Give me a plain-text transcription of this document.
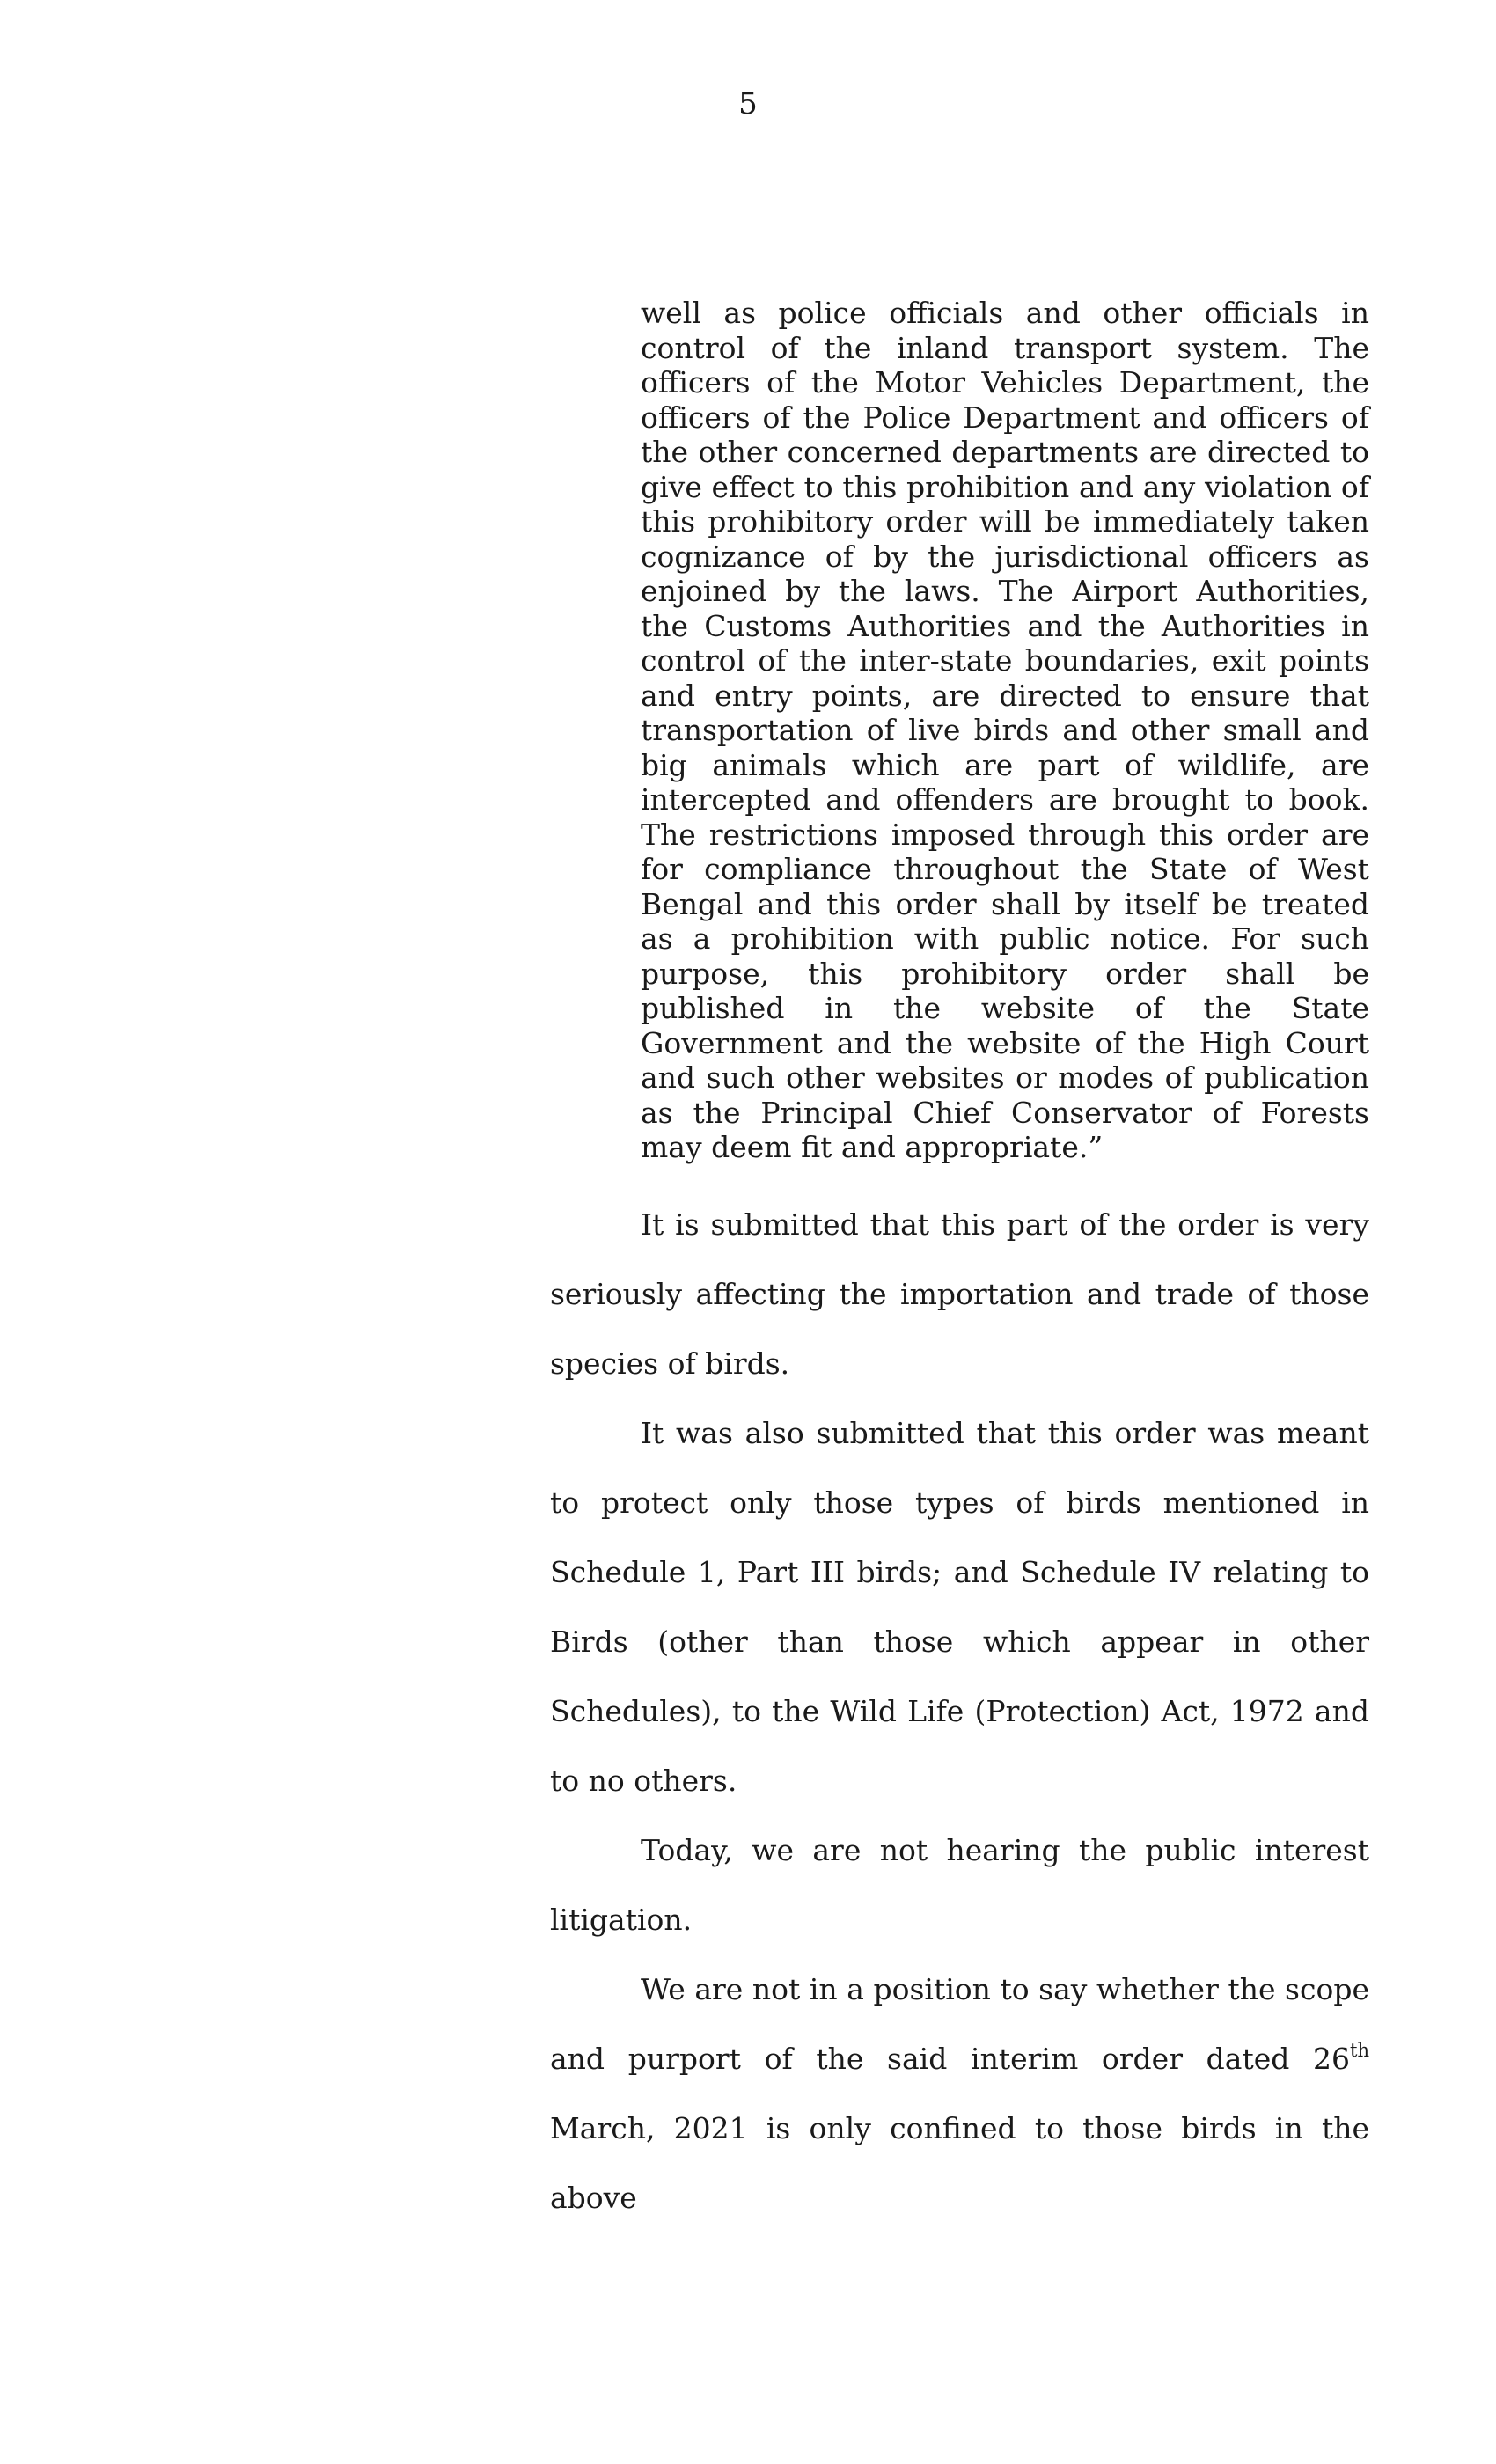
5
well as police officials and other officials in control of the inland transport system. The officers of the Motor Vehicles Department, the officers of the Police Department and officers of the other concerned departments are directed to give effect to this prohibition and any violation of this prohibitory order will be immediately taken cognizance of by the jurisdictional officers as enjoined by the laws. The Airport Authorities, the Customs Authorities and the Authorities in control of the inter-state boundaries, exit points and entry points, are directed to ensure that transportation of live birds and other small and big animals which are part of wildlife, are intercepted and offenders are brought to book. The restrictions imposed through this order are for compliance throughout the State of West Bengal and this order shall by itself be treated as a prohibition with public notice. For such purpose, this prohibitory order shall be published in the website of the State Government and the website of the High Court and such other websites or modes of publication as the Principal Chief Conservator of Forests may deem fit and appropriate.”

It is submitted that this part of the order is very seriously affecting the importation and trade of those species of birds.

It was also submitted that this order was meant to protect only those types of birds mentioned in Schedule 1, Part III birds; and Schedule IV relating to Birds (other than those which appear in other Schedules), to the Wild Life (Protection) Act, 1972 and to no others.

Today, we are not hearing the public interest litigation.

We are not in a position to say whether the scope and purport of the said interim order dated 26th March, 2021 is only confined to those birds in the above
